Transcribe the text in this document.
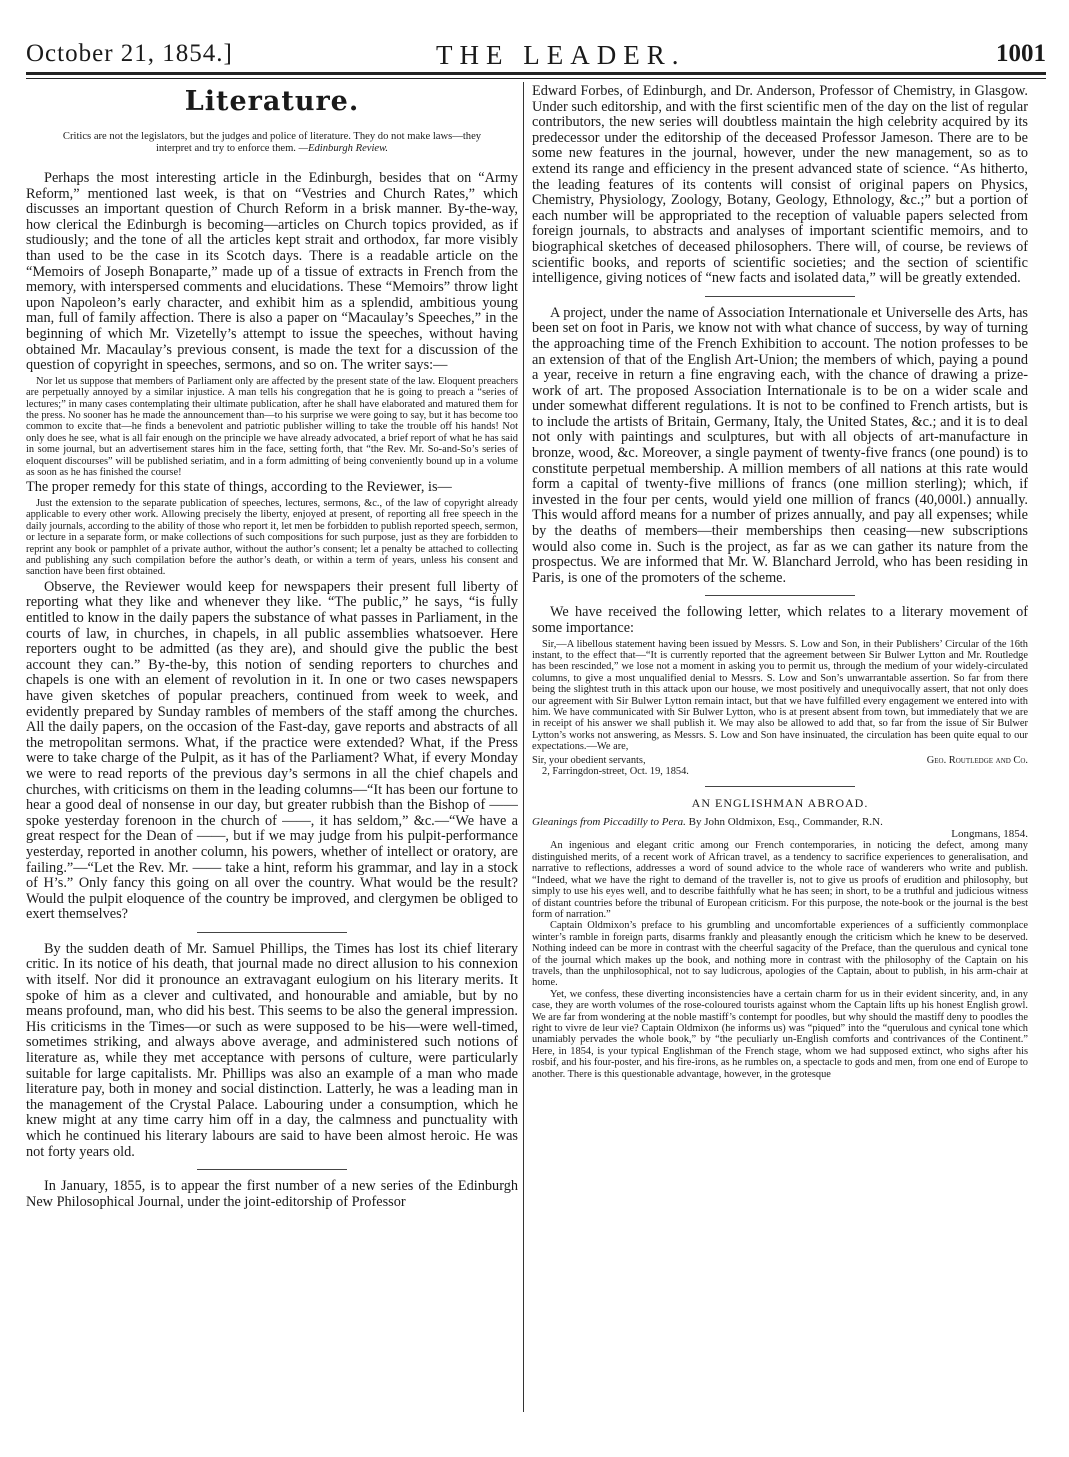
October 21, 1854.]	THE LEADER.	1001
Literature.
Critics are not the legislators, but the judges and police of literature. They do not make laws—they interpret and try to enforce them. —Edinburgh Review.

Perhaps the most interesting article in the Edinburgh, besides that on “Army Reform,” mentioned last week, is that on “Vestries and Church Rates,” which discusses an important question of Church Reform in a brisk manner. By-the-way, how clerical the Edinburgh is becoming—articles on Church topics provided, as if studiously; and the tone of all the articles kept strait and orthodox, far more visibly than used to be the case in its Scotch days. There is a readable article on the “Memoirs of Joseph Bonaparte,” made up of a tissue of extracts in French from the memory, with interspersed comments and elucidations. These “Memoirs” throw light upon Napoleon’s early character, and exhibit him as a splendid, ambitious young man, full of family affection. There is also a paper on “Macaulay’s Speeches,” in the beginning of which Mr. Vizetelly’s attempt to issue the speeches, without having obtained Mr. Macaulay’s previous consent, is made the text for a discussion of the question of copyright in speeches, sermons, and so on. The writer says:—

Nor let us suppose that members of Parliament only are affected by the present state of the law. Eloquent preachers are perpetually annoyed by a similar injustice. A man tells his congregation that he is going to preach a “series of lectures;” in many cases contemplating their ultimate publication, after he shall have elaborated and matured them for the press. No sooner has he made the announcement than—to his surprise we were going to say, but it has become too common to excite that—he finds a benevolent and patriotic publisher willing to take the trouble off his hands! Not only does he see, what is all fair enough on the principle we have already advocated, a brief report of what he has said in some journal, but an advertisement stares him in the face, setting forth, that “the Rev. Mr. So-and-So’s series of eloquent discourses” will be published seriatim, and in a form admitting of being conveniently bound up in a volume as soon as he has finished the course!

The proper remedy for this state of things, according to the Reviewer, is—

Just the extension to the separate publication of speeches, lectures, sermons, &c., of the law of copyright already applicable to every other work. Allowing precisely the liberty, enjoyed at present, of reporting all free speech in the daily journals, according to the ability of those who report it, let men be forbidden to publish reported speech, sermon, or lecture in a separate form, or make collections of such compositions for such purpose, just as they are forbidden to reprint any book or pamphlet of a private author, without the author’s consent; let a penalty be attached to collecting and publishing any such compilation before the author’s death, or within a term of years, unless his consent and sanction have been first obtained.

Observe, the Reviewer would keep for newspapers their present full liberty of reporting what they like and whenever they like. “The public,” he says, “is fully entitled to know in the daily papers the substance of what passes in Parliament, in the courts of law, in churches, in chapels, in all public assemblies whatsoever. Here reporters ought to be admitted (as they are), and should give the public the best account they can.” By-the-by, this notion of sending reporters to churches and chapels is one with an element of revolution in it. In one or two cases newspapers have given sketches of popular preachers, continued from week to week, and evidently prepared by Sunday rambles of members of the staff among the churches. All the daily papers, on the occasion of the Fast-day, gave reports and abstracts of all the metropolitan sermons. What, if the practice were extended? What, if the Press were to take charge of the Pulpit, as it has of the Parliament? What, if every Monday we were to read reports of the previous day’s sermons in all the chief chapels and churches, with criticisms on them in the leading columns—“It has been our fortune to hear a good deal of nonsense in our day, but greater rubbish than the Bishop of —— spoke yesterday forenoon in the church of ——, it has seldom,” &c.—“We have a great respect for the Dean of ——, but if we may judge from his pulpit-performance yesterday, reported in another column, his powers, whether of intellect or oratory, are failing.”—“Let the Rev. Mr. —— take a hint, reform his grammar, and lay in a stock of H’s.” Only fancy this going on all over the country. What would be the result? Would the pulpit eloquence of the country be improved, and clergymen be obliged to exert themselves?

By the sudden death of Mr. Samuel Phillips, the Times has lost its chief literary critic. In its notice of his death, that journal made no direct allusion to his connexion with itself. Nor did it pronounce an extravagant eulogium on his literary merits. It spoke of him as a clever and cultivated, and honourable and amiable, but by no means profound, man, who did his best. This seems to be also the general impression. His criticisms in the Times—or such as were supposed to be his—were well-timed, sometimes striking, and always above average, and administered such notions of literature as, while they met acceptance with persons of culture, were particularly suitable for large capitalists. Mr. Phillips was also an example of a man who made literature pay, both in money and social distinction. Latterly, he was a leading man in the management of the Crystal Palace. Labouring under a consumption, which he knew might at any time carry him off in a day, the calmness and punctuality with which he continued his literary labours are said to have been almost heroic. He was not forty years old.

In January, 1855, is to appear the first number of a new series of the Edinburgh New Philosophical Journal, under the joint-editorship of Professor

Edward Forbes, of Edinburgh, and Dr. Anderson, Professor of Chemistry, in Glasgow. Under such editorship, and with the first scientific men of the day on the list of regular contributors, the new series will doubtless maintain the high celebrity acquired by its predecessor under the editorship of the deceased Professor Jameson. There are to be some new features in the journal, however, under the new management, so as to extend its range and efficiency in the present advanced state of science. “As hitherto, the leading features of its contents will consist of original papers on Physics, Chemistry, Physiology, Zoology, Botany, Geology, Ethnology, &c.;” but a portion of each number will be appropriated to the reception of valuable papers selected from foreign journals, to abstracts and analyses of important scientific memoirs, and to biographical sketches of deceased philosophers. There will, of course, be reviews of scientific books, and reports of scientific societies; and the section of scientific intelligence, giving notices of “new facts and isolated data,” will be greatly extended.

A project, under the name of Association Internationale et Universelle des Arts, has been set on foot in Paris, we know not with what chance of success, by way of turning the approaching time of the French Exhibition to account. The notion professes to be an extension of that of the English Art-Union; the members of which, paying a pound a year, receive in return a fine engraving each, with the chance of drawing a prize-work of art. The proposed Association Internationale is to be on a wider scale and under somewhat different regulations. It is not to be confined to French artists, but is to include the artists of Britain, Germany, Italy, the United States, &c.; and it is to deal not only with paintings and sculptures, but with all objects of art-manufacture in bronze, wood, &c. Moreover, a single payment of twenty-five francs (one pound) is to constitute perpetual membership. A million members of all nations at this rate would form a capital of twenty-five millions of francs (one million sterling); which, if invested in the four per cents, would yield one million of francs (40,000l.) annually. This would afford means for a number of prizes annually, and pay all expenses; while by the deaths of members—their memberships then ceasing—new subscriptions would also come in. Such is the project, as far as we can gather its nature from the prospectus. We are informed that Mr. W. Blanchard Jerrold, who has been residing in Paris, is one of the promoters of the scheme.

We have received the following letter, which relates to a literary movement of some importance:

Sir,—A libellous statement having been issued by Messrs. S. Low and Son, in their Publishers’ Circular of the 16th instant, to the effect that—“It is currently reported that the agreement between Sir Bulwer Lytton and Mr. Routledge has been rescinded,” we lose not a moment in asking you to permit us, through the medium of your widely-circulated columns, to give a most unqualified denial to Messrs. S. Low and Son’s unwarrantable assertion. So far from there being the slightest truth in this attack upon our house, we most positively and unequivocally assert, that not only does our agreement with Sir Bulwer Lytton remain intact, but that we have fulfilled every engagement we entered into with him. We have communicated with Sir Bulwer Lytton, who is at present absent from town, but immediately that we are in receipt of his answer we shall publish it. We may also be allowed to add that, so far from the issue of Sir Bulwer Lytton’s works not answering, as Messrs. S. Low and Son have insinuated, the circulation has been quite equal to our expectations.—We are,

Sir, your obedient servants,	Geo. Routledge and Co.

2, Farringdon-street, Oct. 19, 1854.

AN ENGLISHMAN ABROAD.
Gleanings from Piccadilly to Pera. By John Oldmixon, Esq., Commander, R.N.
Longmans, 1854.

An ingenious and elegant critic among our French contemporaries, in noticing the defect, among many distinguished merits, of a recent work of African travel, as a tendency to sacrifice experiences to generalisation, and narrative to reflections, addresses a word of sound advice to the whole race of wanderers who write and publish. “Indeed, what we have the right to demand of the traveller is, not to give us proofs of erudition and philosophy, but simply to use his eyes well, and to describe faithfully what he has seen; in short, to be a truthful and judicious witness of distant countries before the tribunal of European criticism. For this purpose, the note-book or the journal is the best form of narration.”

Captain Oldmixon’s preface to his grumbling and uncomfortable experiences of a sufficiently commonplace winter’s ramble in foreign parts, disarms frankly and pleasantly enough the criticism which he knew to be deserved. Nothing indeed can be more in contrast with the cheerful sagacity of the Preface, than the querulous and cynical tone of the journal which makes up the book, and nothing more in contrast with the philosophy of the Captain on his travels, than the unphilosophical, not to say ludicrous, apologies of the Captain, about to publish, in his arm-chair at home.

Yet, we confess, these diverting inconsistencies have a certain charm for us in their evident sincerity, and, in any case, they are worth volumes of the rose-coloured tourists against whom the Captain lifts up his honest English growl. We are far from wondering at the noble mastiff’s contempt for poodles, but why should the mastiff deny to poodles the right to vivre de leur vie? Captain Oldmixon (he informs us) was “piqued” into the “querulous and cynical tone which unamiably pervades the whole book,” by “the peculiarly un-English comforts and contrivances of the Continent.” Here, in 1854, is your typical Englishman of the French stage, whom we had supposed extinct, who sighs after his rosbif, and his four-poster, and his fire-irons, as he rumbles on, a spectacle to gods and men, from one end of Europe to another. There is this questionable advantage, however, in the grotesque
